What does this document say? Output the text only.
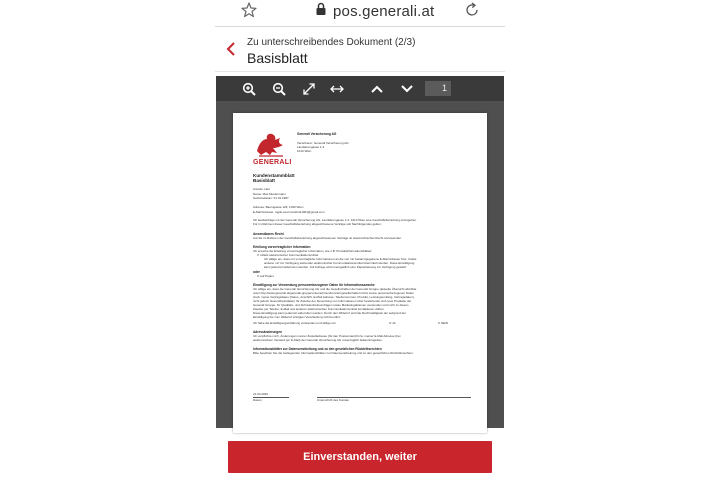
pos.generali.at
Zu unterschreibendes Dokument (2/3)
Basisblatt
1
GENERALI
Generali Versicherung AG
Versicherer: Generali Versicherung AG
Landskrongasse 1-3
1010 Wien
Kundenstammblatt
Basisblatt
Anrede: Herr
Name: Max Mustermann
Geburtsdatum: 01.01.1987
Adresse: Baumgasse 129, 1030 Wien
E-Mail Adresse: mgdo.sesrn.testbnd1001@gmail.com
Ich beabsichtige mit der Generali Versicherung AG, Landskrongasse 1-3, 1010 Wien eine Geschäftsbeziehung einzugehen.
Für im Rahmen dieser Geschäftsbeziehung abgeschlossene Verträge soll Nachfolgendes gelten:
Anwendbares Recht
Auf die im Rahmen der Geschäftsbeziehung abgeschlossenen Verträge ist österreichisches Recht anzuwenden.
Erteilung vorvertraglicher Information
Ich ersuche die Erteilung vorvertraglicher Information, wie z.B. Produktinformationsblätter:
X mittels elektronischer Kommunikationsmittel
Ich willige ein, dass mir vorvertragliche Informationen an die von mir bekanntgegebene E-Mail Adresse bzw. mittels
anderer mir zur Verfügung stehender elektronischer Kommunikationsmittel übermittelt werden. Diese Einwilligung
kann jederzeit widerrufen werden. Auf Anfrage wird unentgeltlich eine Papierfassung zur Verfügung gestellt.
oder
O auf Papier
Einwilligung zur Verwendung personenbezogener Daten für Informationszwecke
Ich willige ein, dass die Generali Versicherung AG und die Gesellschaften der Generali Gruppe (aktuelle Übersicht abrufbar
unter http://www.generali.at/generali-gruppe/unternehmen/konzerngesellschaften.html) meine personenbezogenen Daten
(insb. meine Vertragsdaten (Name, Anschrift, E-Mail Adresse, Telefonnummer, Produkt, Leistungsumfang, Vertragsdaten),
nicht jedoch Gesundheitsdaten) für Zwecke der Zusendung von Informationen über bestehende und neue Produkte der
Generali Gruppe, für Qualitäts- und Zufriedenheitsumfragen sowie Marketingaktionen verwenden und mich zu diesen
Zwecke per Telefon, E-Mail und anderen elektronischen Kommunikationsmittel kontaktieren dürfen.
Diese Einwilligung kann jederzeit widerrufen werden. Durch den Widerruf wird die Rechtmäßigkeit der aufgrund der
Einwilligung bis zum Widerruf erfolgten Verarbeitung nicht berührt.
Ich habe die Einwilligungserklärung verstanden und willige ein:	O JA	X NEIN
Adressänderungen
Ich verpflichte mich, Änderungen meiner Zustelladresse (für den Postversand) bzw. meiner E-Mail Adresse (bei
elektronischem Versand per E-Mail) der Generali Versicherung AG unverzüglich bekanntzugeben.
Informationsblätter zur Datenverarbeitung und zu den gesetzlichen Rücktrittsrechten
Bitte beachten Sie die beiliegenden Informationsblätter zur Datenverarbeitung und zu den gesetzlichen Rücktrittsrechten.
21.04.2020
Datum	Unterschrift des Kunden
Einverstanden, weiter
